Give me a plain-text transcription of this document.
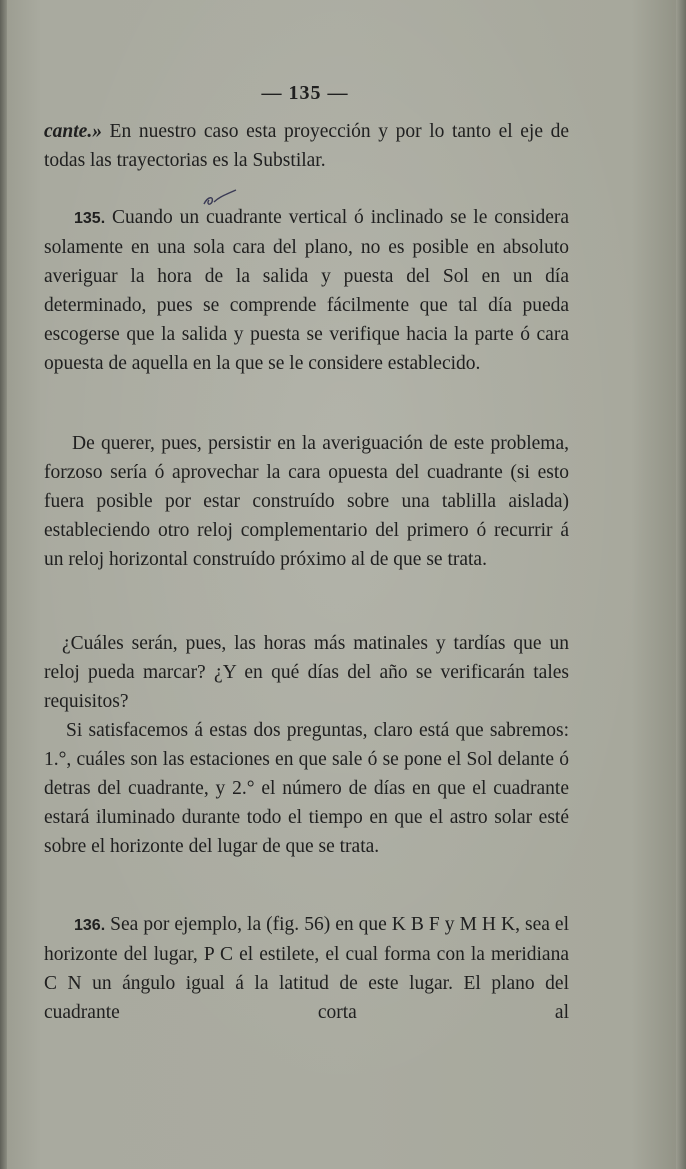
— 135 —
cante.» En nuestro caso esta proyección y por lo tanto el eje de todas las trayectorias es la Substilar.
135. Cuando un cuadrante vertical ó inclinado se le considera solamente en una sola cara del plano, no es posible en absoluto averiguar la hora de la salida y puesta del Sol en un día determinado, pues se comprende fácilmente que tal día pueda escogerse que la salida y puesta se verifique hacia la parte ó cara opuesta de aquella en la que se le considere establecido.
De querer, pues, persistir en la averiguación de este problema, forzoso sería ó aprovechar la cara opuesta del cuadrante (si esto fuera posible por estar construído sobre una tablilla aislada) estableciendo otro reloj complementario del primero ó recurrir á un reloj horizontal construído próximo al de que se trata.
¿Cuáles serán, pues, las horas más matinales y tardías que un reloj pueda marcar? ¿Y en qué días del año se verificarán tales requisitos?
Si satisfacemos á estas dos preguntas, claro está que sabremos: 1.°, cuáles son las estaciones en que sale ó se pone el Sol delante ó detras del cuadrante, y 2.° el número de días en que el cuadrante estará iluminado durante todo el tiempo en que el astro solar esté sobre el horizonte del lugar de que se trata.
136. Sea por ejemplo, la (fig. 56) en que K B F y M H K, sea el horizonte del lugar, P C el estilete, el cual forma con la meridiana C N un ángulo igual á la latitud de este lugar. El plano del cuadrante corta al
